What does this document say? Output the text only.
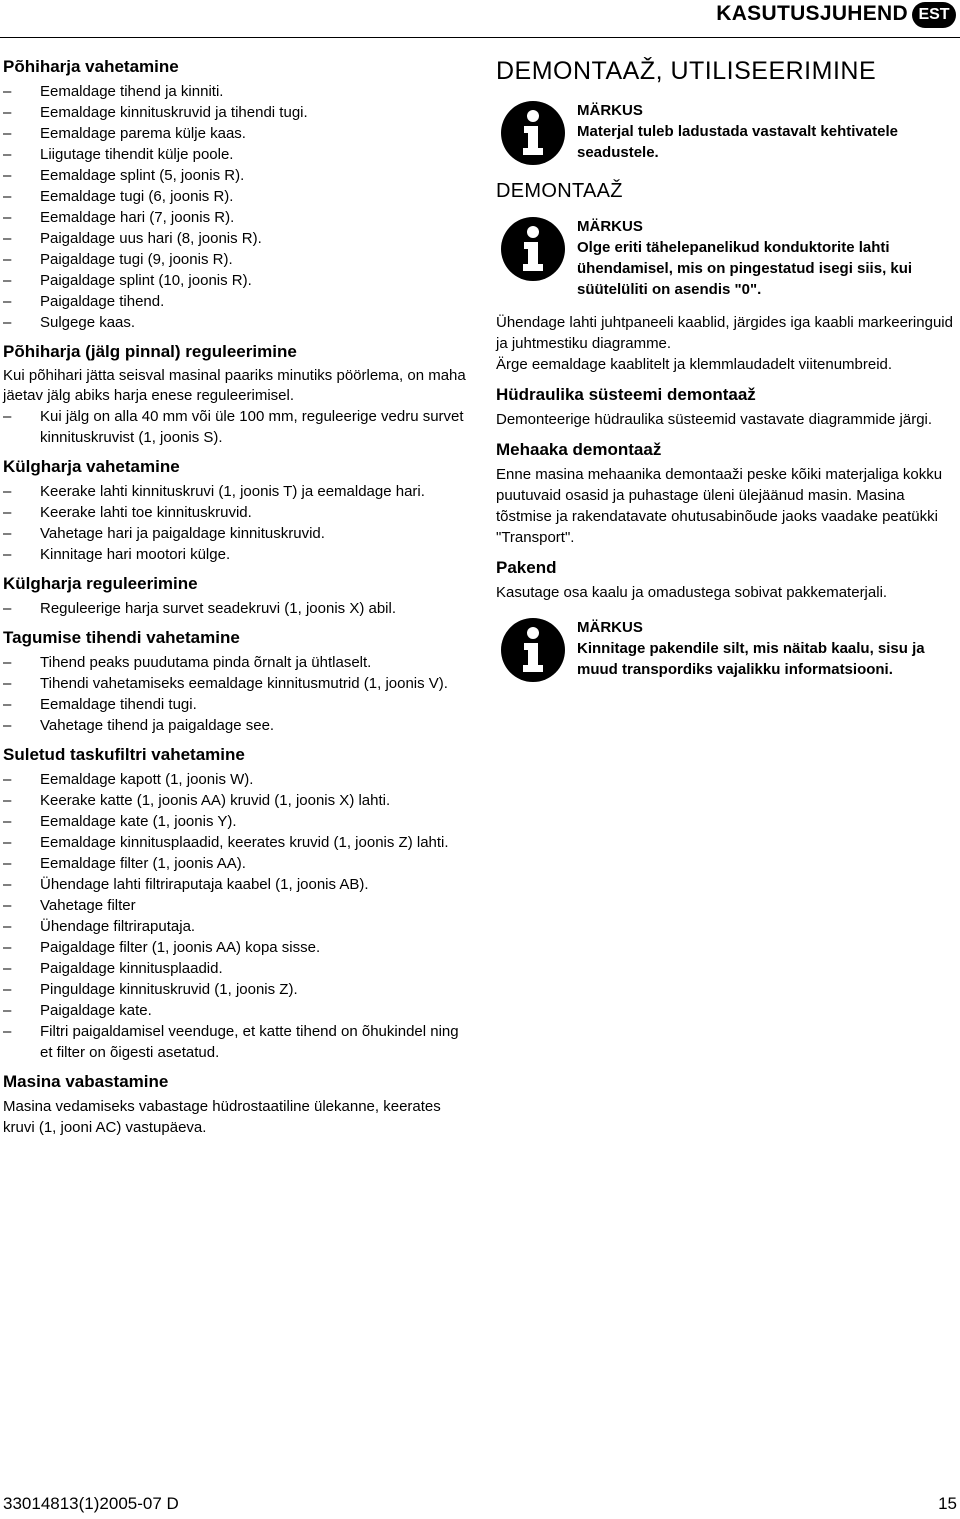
KASUTUSJUHEND EST
Põhiharja vahetamine
– Eemaldage tihend ja kinniti.
– Eemaldage kinnituskruvid ja tihendi tugi.
– Eemaldage parema külje kaas.
– Liigutage tihendit külje poole.
– Eemaldage splint (5, joonis R).
– Eemaldage tugi (6, joonis R).
– Eemaldage hari (7, joonis R).
– Paigaldage uus hari (8, joonis R).
– Paigaldage tugi (9, joonis R).
– Paigaldage splint (10, joonis R).
– Paigaldage tihend.
– Sulgege kaas.
Põhiharja (jälg pinnal) reguleerimine
Kui põhihari jätta seisval masinal paariks minutiks pöörlema, on maha jäetav jälg abiks harja enese reguleerimisel.
– Kui jälg on alla 40 mm või üle 100 mm, reguleerige vedru survet kinnituskruvist (1, joonis S).
Külgharja vahetamine
– Keerake lahti kinnituskruvi (1, joonis T) ja eemaldage hari.
– Keerake lahti toe kinnituskruvid.
– Vahetage hari ja paigaldage kinnituskruvid.
– Kinnitage hari mootori külge.
Külgharja reguleerimine
– Reguleerige harja survet seadekruvi (1, joonis X) abil.
Tagumise tihendi vahetamine
– Tihend peaks puudutama pinda õrnalt ja ühtlaselt.
– Tihendi vahetamiseks eemaldage kinnitusmutrid (1, joonis V).
– Eemaldage tihendi tugi.
– Vahetage tihend ja paigaldage see.
Suletud taskufiltri vahetamine
– Eemaldage kapott (1, joonis W).
– Keerake katte (1, joonis AA) kruvid (1, joonis X) lahti.
– Eemaldage kate (1, joonis Y).
– Eemaldage kinnitusplaadid, keerates kruvid (1, joonis Z) lahti.
– Eemaldage filter (1, joonis AA).
– Ühendage lahti filtriraputaja kaabel (1, joonis AB).
– Vahetage filter
– Ühendage filtriraputaja.
– Paigaldage filter (1, joonis AA) kopa sisse.
– Paigaldage kinnitusplaadid.
– Pinguldage kinnituskruvid (1, joonis Z).
– Paigaldage kate.
– Filtri paigaldamisel veenduge, et katte tihend on õhukindel ning et filter on õigesti asetatud.
Masina vabastamine
Masina vedamiseks vabastage hüdrostaatiline ülekanne, keerates kruvi (1, jooni AC) vastupäeva.
DEMONTAAŽ, UTILISEERIMINE
MÄRKUS
Materjal tuleb ladustada vastavalt kehtivatele seadustele.
DEMONTAAŽ
MÄRKUS
Olge eriti tähelepanelikud konduktorite lahti ühendamisel, mis on pingestatud isegi siis, kui süütelüliti on asendis "0".
Ühendage lahti juhtpaneeli kaablid, järgides iga kaabli markeeringuid ja juhtmestiku diagramme.
Ärge eemaldage kaablitelt ja klemmlaudadelt viitenumbreid.
Hüdraulika süsteemi demontaaž
Demonteerige hüdraulika süsteemid vastavate diagrammide järgi.
Mehaaka demontaaž
Enne masina mehaanika demontaaži peske kõiki materjaliga kokku puutuvaid osasid ja puhastage üleni ülejäänud masin. Masina tõstmise ja rakendatavate ohutusabinõude jaoks vaadake peatükki "Transport".
Pakend
Kasutage osa kaalu ja omadustega sobivat pakkematerjali.
MÄRKUS
Kinnitage pakendile silt, mis näitab kaalu, sisu ja muud transpordiks vajalikku informatsiooni.
33014813(1)2005-07 D	15
